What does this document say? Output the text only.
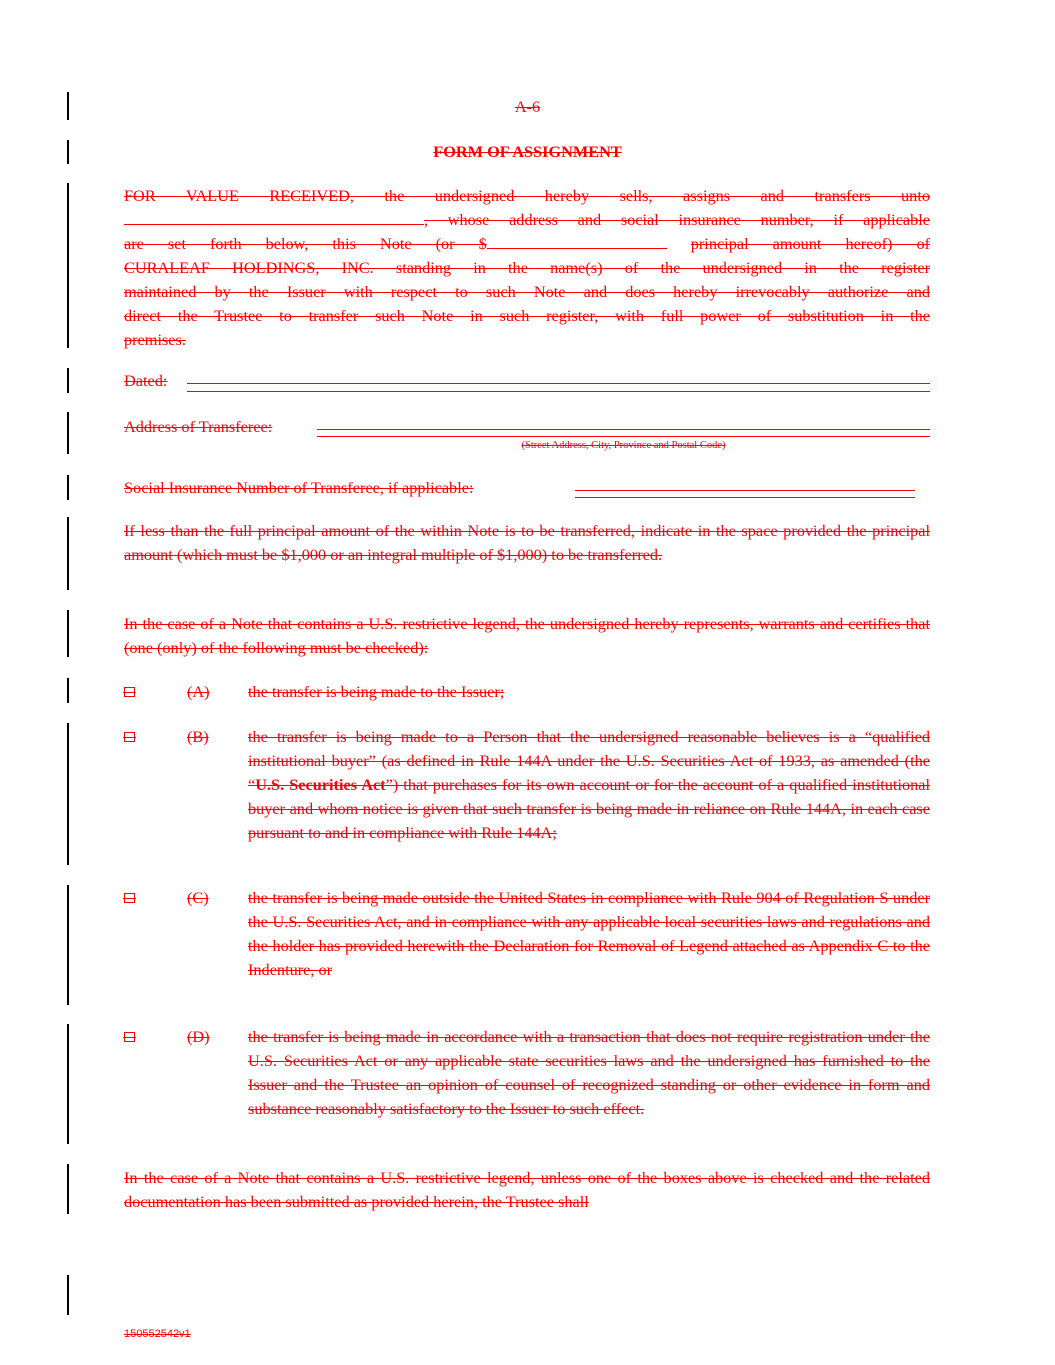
A-6
FORM OF ASSIGNMENT
FOR VALUE RECEIVED, the undersigned hereby sells, assigns and transfers unto
, whose address and social insurance number, if applicable
are set forth below, this Note (or $	principal amount hereof) of
CURALEAF HOLDINGS, INC. standing in the name(s) of the undersigned in the register
maintained by the Issuer with respect to such Note and does hereby irrevocably authorize and
direct the Trustee to transfer such Note in such register, with full power of substitution in the
premises.
Dated:
Address of Transferee:
(Street Address, City, Province and Postal Code)
Social Insurance Number of Transferee, if applicable:
If less than the full principal amount of the within Note is to be transferred, indicate in the space provided the principal amount (which must be $1,000 or an integral multiple of $1,000) to be transferred.
In the case of a Note that contains a U.S. restrictive legend, the undersigned hereby represents, warrants and certifies that (one (only) of the following must be checked):
(A) the transfer is being made to the Issuer;
(B) the transfer is being made to a Person that the undersigned reasonable believes is a “qualified institutional buyer” (as defined in Rule 144A under the U.S. Securities Act of 1933, as amended (the “U.S. Securities Act”) that purchases for its own account or for the account of a qualified institutional buyer and whom notice is given that such transfer is being made in reliance on Rule 144A, in each case pursuant to and in compliance with Rule 144A;
(C) the transfer is being made outside the United States in compliance with Rule 904 of Regulation S under the U.S. Securities Act, and in compliance with any applicable local securities laws and regulations and the holder has provided herewith the Declaration for Removal of Legend attached as Appendix C to the Indenture, or
(D) the transfer is being made in accordance with a transaction that does not require registration under the U.S. Securities Act or any applicable state securities laws and the undersigned has furnished to the Issuer and the Trustee an opinion of counsel of recognized standing or other evidence in form and substance reasonably satisfactory to the Issuer to such effect.
In the case of a Note that contains a U.S. restrictive legend, unless one of the boxes above is checked and the related documentation has been submitted as provided herein, the Trustee shall
150552542v1
